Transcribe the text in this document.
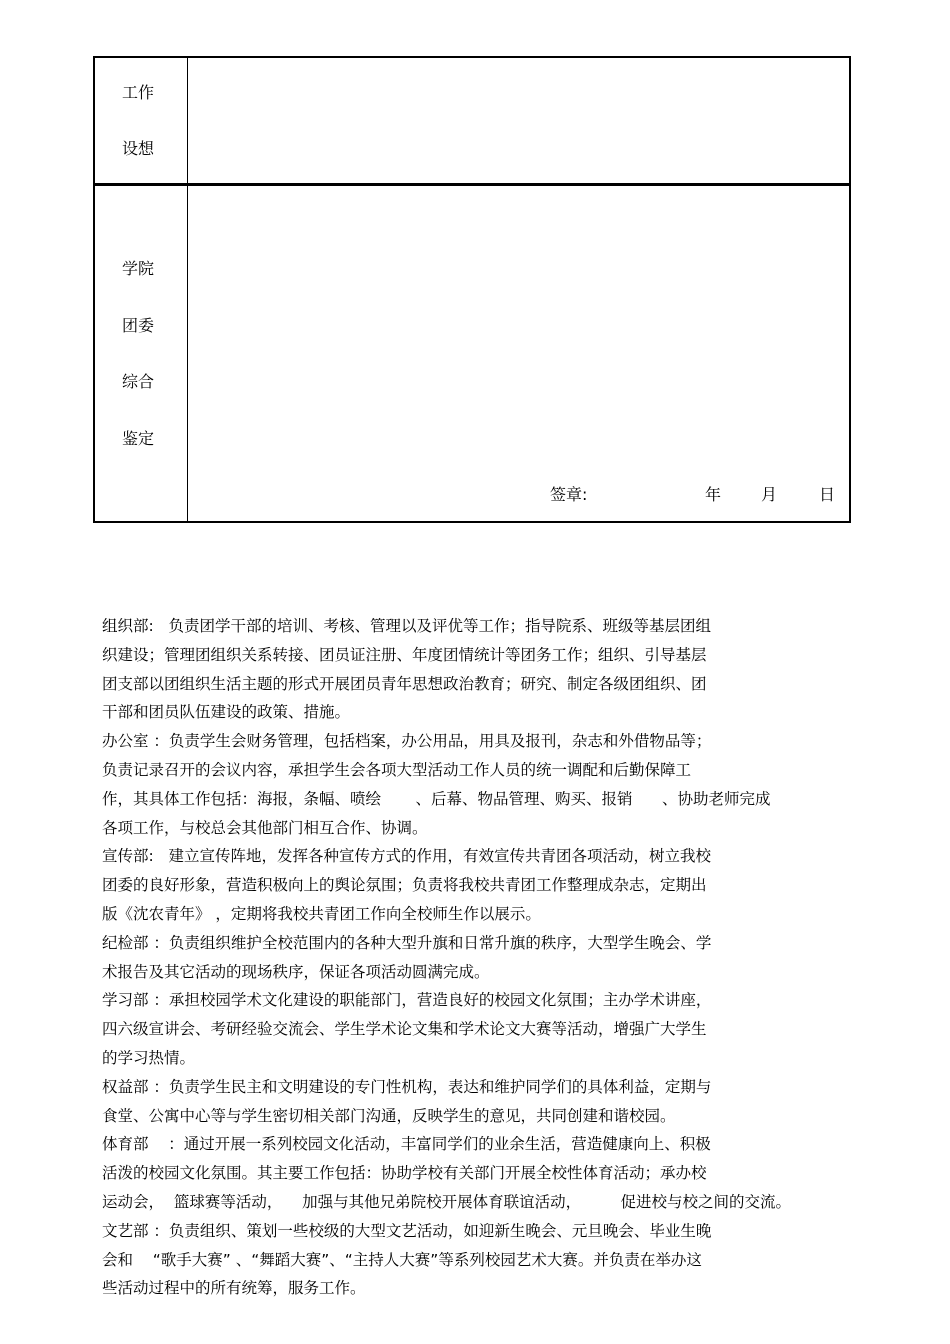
工作
设想
学院
团委
综合
鉴定
签章:	年 月	日
组织部:   负责团学干部的培训、考核、管理以及评优等工作；指导院系、班级等基层团组
织建设；管理团组织关系转接、团员证注册、年度团情统计等团务工作；组织、引导基层
团支部以团组织生活主题的形式开展团员青年思想政治教育；研究、制定各级团组织、团
干部和团员队伍建设的政策、措施。
办公室 ：负责学生会财务管理，包括档案，办公用品，用具及报刊，杂志和外借物品等；
负责记录召开的会议内容，承担学生会各项大型活动工作人员的统一调配和后勤保障工
作，其具体工作包括：海报，条幅、喷绘       、后幕、物品管理、购买、报销      、协助老师完成
各项工作，与校总会其他部门相互合作、协调。
宣传部:   建立宣传阵地，发挥各种宣传方式的作用，有效宣传共青团各项活动，树立我校
团委的良好形象，营造积极向上的舆论氛围；负责将我校共青团工作整理成杂志，定期出
版《沈农青年》 ，定期将我校共青团工作向全校师生作以展示。
纪检部 ：负责组织维护全校范围内的各种大型升旗和日常升旗的秩序，大型学生晚会、学
术报告及其它活动的现场秩序，保证各项活动圆满完成。
学习部 ：承担校园学术文化建设的职能部门，营造良好的校园文化氛围；主办学术讲座，
四六级宣讲会、考研经验交流会、学生学术论文集和学术论文大赛等活动，增强广大学生
的学习热情。
权益部 ：负责学生民主和文明建设的专门性机构，表达和维护同学们的具体利益，定期与
食堂、公寓中心等与学生密切相关部门沟通，反映学生的意见，共同创建和谐校园。
体育部    ：通过开展一系列校园文化活动，丰富同学们的业余生活，营造健康向上、积极
活泼的校园文化氛围。其主要工作包括：协助学校有关部门开展全校性体育活动；承办校
运动会，  篮球赛等活动，    加强与其他兄弟院校开展体育联谊活动，        促进校与校之间的交流。
文艺部 ：负责组织、策划一些校级的大型文艺活动，如迎新生晚会、元旦晚会、毕业生晚
会和    “歌手大赛” 、“舞蹈大赛”、“主持人大赛”等系列校园艺术大赛。并负责在举办这
些活动过程中的所有统筹，服务工作。
